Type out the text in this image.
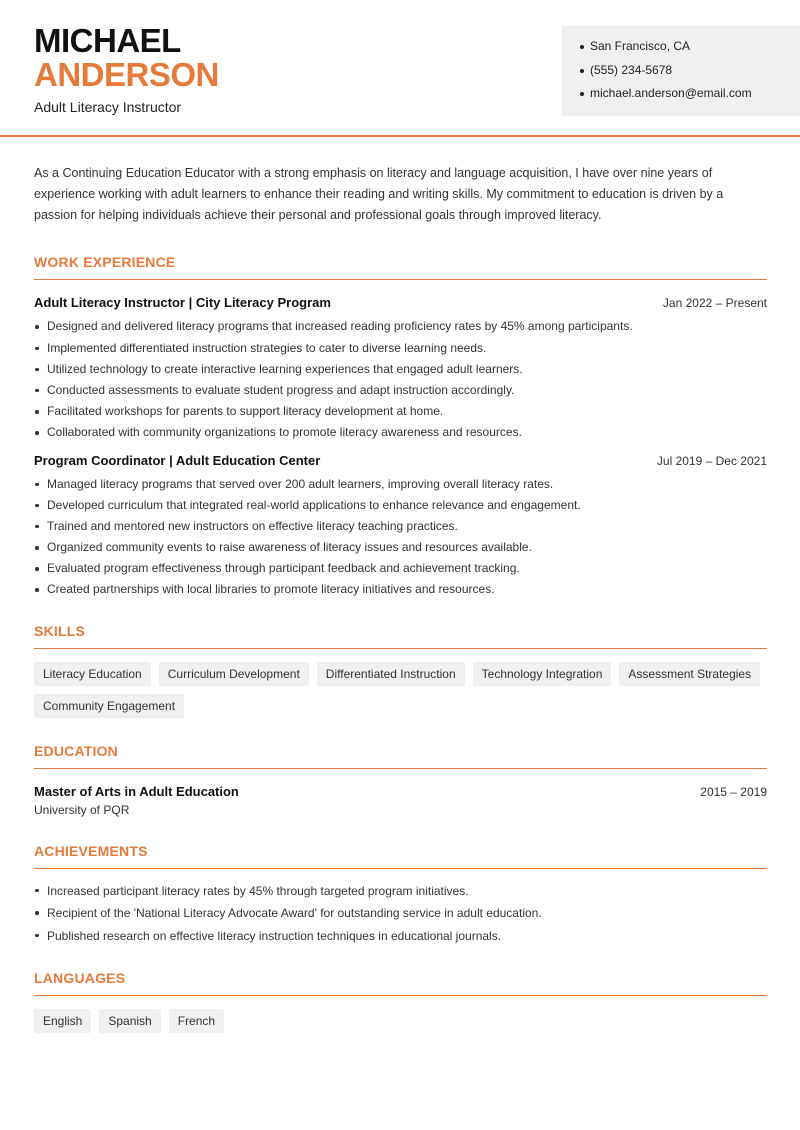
MICHAEL
ANDERSON
Adult Literacy Instructor
San Francisco, CA
(555) 234-5678
michael.anderson@email.com

As a Continuing Education Educator with a strong emphasis on literacy and language acquisition, I have over nine years of experience working with adult learners to enhance their reading and writing skills. My commitment to education is driven by a passion for helping individuals achieve their personal and professional goals through improved literacy.

WORK EXPERIENCE
Adult Literacy Instructor | City Literacy Program	Jan 2022 – Present
Designed and delivered literacy programs that increased reading proficiency rates by 45% among participants.
Implemented differentiated instruction strategies to cater to diverse learning needs.
Utilized technology to create interactive learning experiences that engaged adult learners.
Conducted assessments to evaluate student progress and adapt instruction accordingly.
Facilitated workshops for parents to support literacy development at home.
Collaborated with community organizations to promote literacy awareness and resources.
Program Coordinator | Adult Education Center	Jul 2019 – Dec 2021
Managed literacy programs that served over 200 adult learners, improving overall literacy rates.
Developed curriculum that integrated real-world applications to enhance relevance and engagement.
Trained and mentored new instructors on effective literacy teaching practices.
Organized community events to raise awareness of literacy issues and resources available.
Evaluated program effectiveness through participant feedback and achievement tracking.
Created partnerships with local libraries to promote literacy initiatives and resources.
SKILLS
Literacy Education	Curriculum Development	Differentiated Instruction	Technology Integration	Assessment Strategies
Community Engagement
EDUCATION
Master of Arts in Adult Education	2015 – 2019
University of PQR
ACHIEVEMENTS
Increased participant literacy rates by 45% through targeted program initiatives.
Recipient of the 'National Literacy Advocate Award' for outstanding service in adult education.
Published research on effective literacy instruction techniques in educational journals.
LANGUAGES
English	Spanish	French
